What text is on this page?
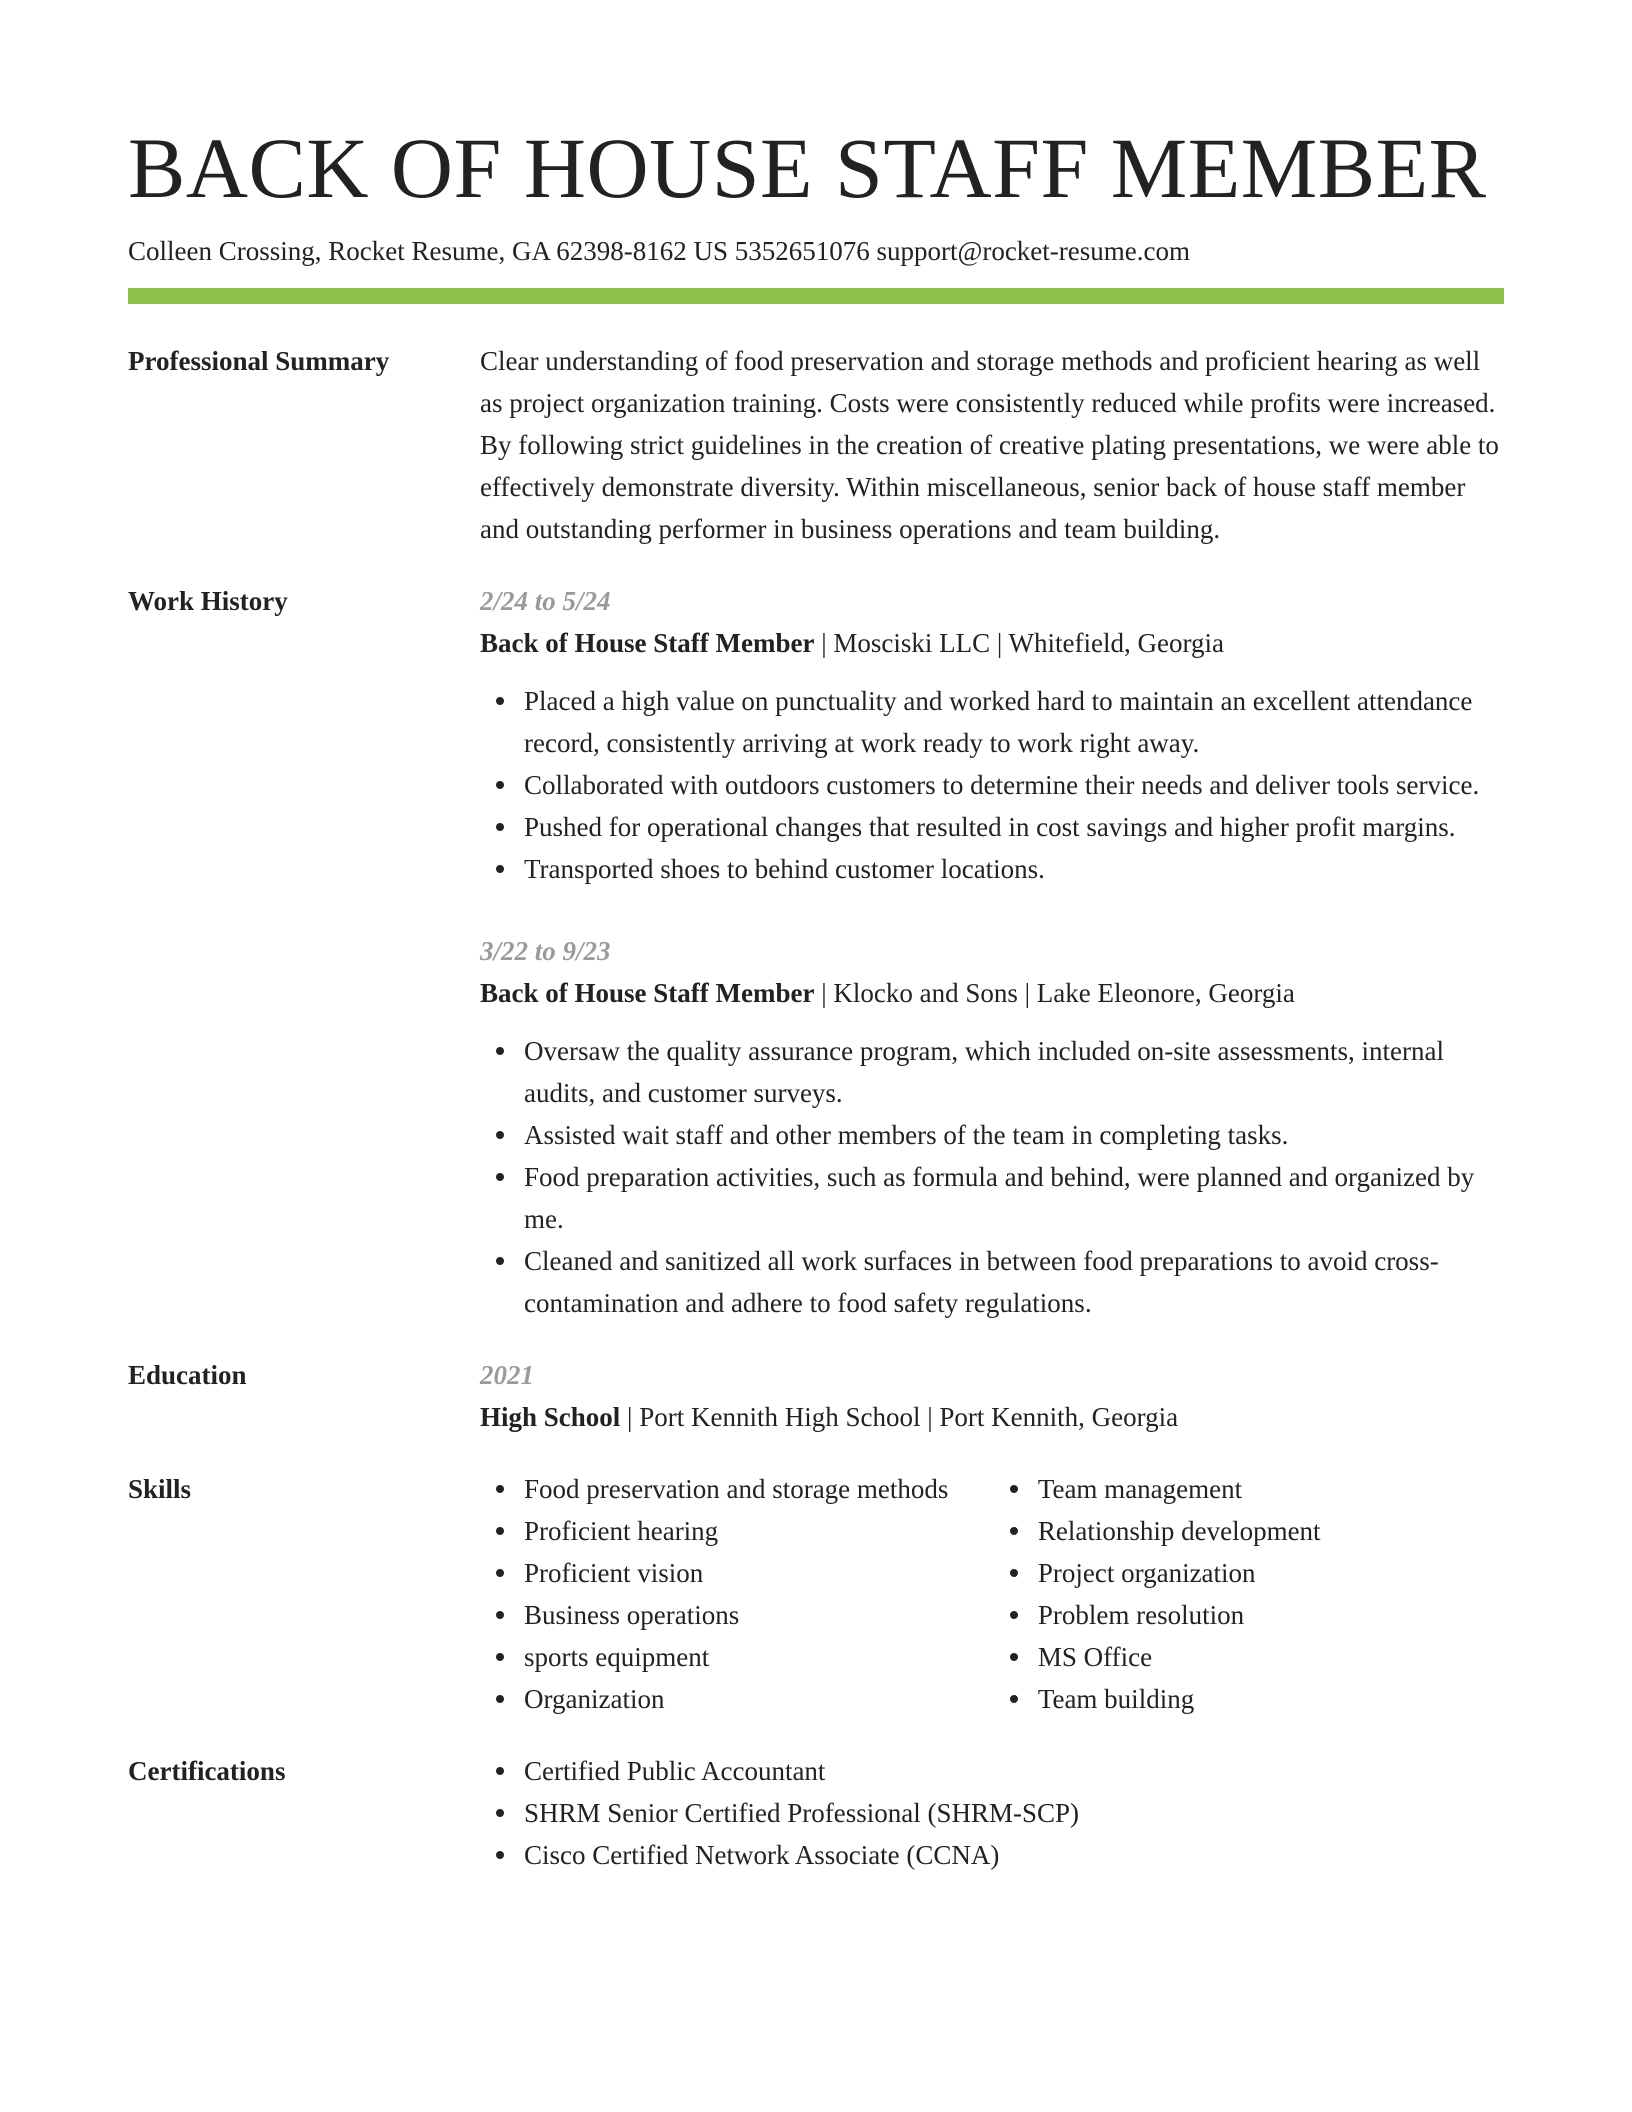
BACK OF HOUSE STAFF MEMBER
Colleen Crossing, Rocket Resume, GA 62398-8162 US 5352651076 support@rocket-resume.com
Professional Summary	Clear understanding of food preservation and storage methods and proficient hearing as well as project organization training. Costs were consistently reduced while profits were increased. By following strict guidelines in the creation of creative plating presentations, we were able to effectively demonstrate diversity. Within miscellaneous, senior back of house staff member and outstanding performer in business operations and team building.

Work History	2/24 to 5/24
Back of House Staff Member | Mosciski LLC | Whitefield, Georgia
Placed a high value on punctuality and worked hard to maintain an excellent attendance record, consistently arriving at work ready to work right away.
Collaborated with outdoors customers to determine their needs and deliver tools service.
Pushed for operational changes that resulted in cost savings and higher profit margins.
Transported shoes to behind customer locations.
3/22 to 9/23
Back of House Staff Member | Klocko and Sons | Lake Eleonore, Georgia
Oversaw the quality assurance program, which included on-site assessments, internal audits, and customer surveys.
Assisted wait staff and other members of the team in completing tasks.
Food preparation activities, such as formula and behind, were planned and organized by me.
Cleaned and sanitized all work surfaces in between food preparations to avoid cross-contamination and adhere to food safety regulations.
Education	2021
High School | Port Kennith High School | Port Kennith, Georgia
Skills	Food preservation and storage methods
Proficient hearing
Proficient vision
Business operations
sports equipment
Organization
Team management
Relationship development
Project organization
Problem resolution
MS Office
Team building
Certifications	Certified Public Accountant
SHRM Senior Certified Professional (SHRM-SCP)
Cisco Certified Network Associate (CCNA)
